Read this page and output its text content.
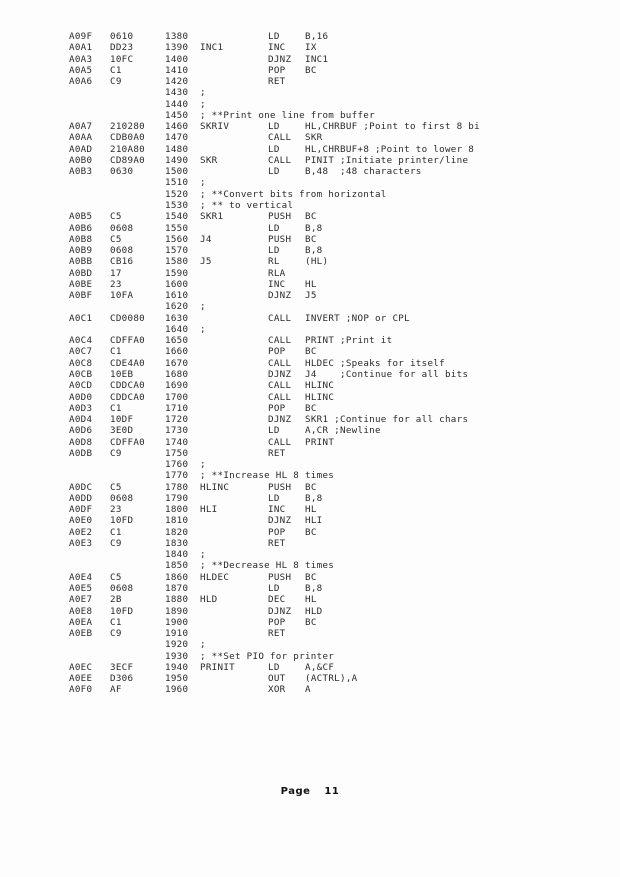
A09F 0610	1380	LD	B,16
A0A1 DD23	1390 INC1	INC IX
A0A3 10FC	1400	DJNZ INC1
A0A5 C1	1410	POP BC
A0A6 C9	1420	RET
1430 ;
1440 ;
1450 ; **Print one line from buffer
A0A7 210280 1460 SKRIV	LD	HL,CHRBUF ;Point to first 8 bi
A0AA CDB0A0 1470	CALL SKR
A0AD 210A80 1480	LD	HL,CHRBUF+8 ;Point to lower 8
A0B0 CD89A0 1490 SKR	CALL PINIT ;Initiate printer/line
A0B3 0630	1500	LD	B,48  ;48 characters
1510 ;
1520 ; **Convert bits from horizontal
1530 ; ** to vertical
A0B5 C5	1540 SKR1	PUSH BC
A0B6 0608	1550	LD	B,8
A0B8 C5	1560 J4	PUSH BC
A0B9 0608	1570	LD	B,8
A0BB CB16	1580 J5	RL	(HL)
A0BD 17	1590	RLA
A0BE 23	1600	INC HL
A0BF 10FA	1610	DJNZ J5
1620 ;
A0C1 CD0080 1630	CALL INVERT ;NOP or CPL
1640 ;
A0C4 CDFFA0 1650	CALL PRINT ;Print it
A0C7 C1	1660	POP BC
A0C8 CDE4A0 1670	CALL HLDEC ;Speaks for itself
A0CB 10EB	1680	DJNZ J4    ;Continue for all bits
A0CD CDDCA0 1690	CALL HLINC
A0D0 CDDCA0 1700	CALL HLINC
A0D3 C1	1710	POP BC
A0D4 10DF	1720	DJNZ SKR1 ;Continue for all chars
A0D6 3E0D	1730	LD	A,CR ;Newline
A0D8 CDFFA0 1740	CALL PRINT
A0DB C9	1750	RET
1760 ;
1770 ; **Increase HL 8 times
A0DC C5	1780 HLINC	PUSH BC
A0DD 0608	1790	LD	B,8
A0DF 23	1800 HLI	INC HL
A0E0 10FD	1810	DJNZ HLI
A0E2 C1	1820	POP BC
A0E3 C9	1830	RET
1840 ;
1850 ; **Decrease HL 8 times
A0E4 C5	1860 HLDEC	PUSH BC
A0E5 0608	1870	LD	B,8
A0E7 2B	1880 HLD	DEC HL
A0E8 10FD	1890	DJNZ HLD
A0EA C1	1900	POP BC
A0EB C9	1910	RET
1920 ;
1930 ; **Set PIO for printer
A0EC 3ECF	1940 PRINIT	LD	A,&CF
A0EE D306	1950	OUT (ACTRL),A
A0F0 AF	1960	XOR A
Page 11
